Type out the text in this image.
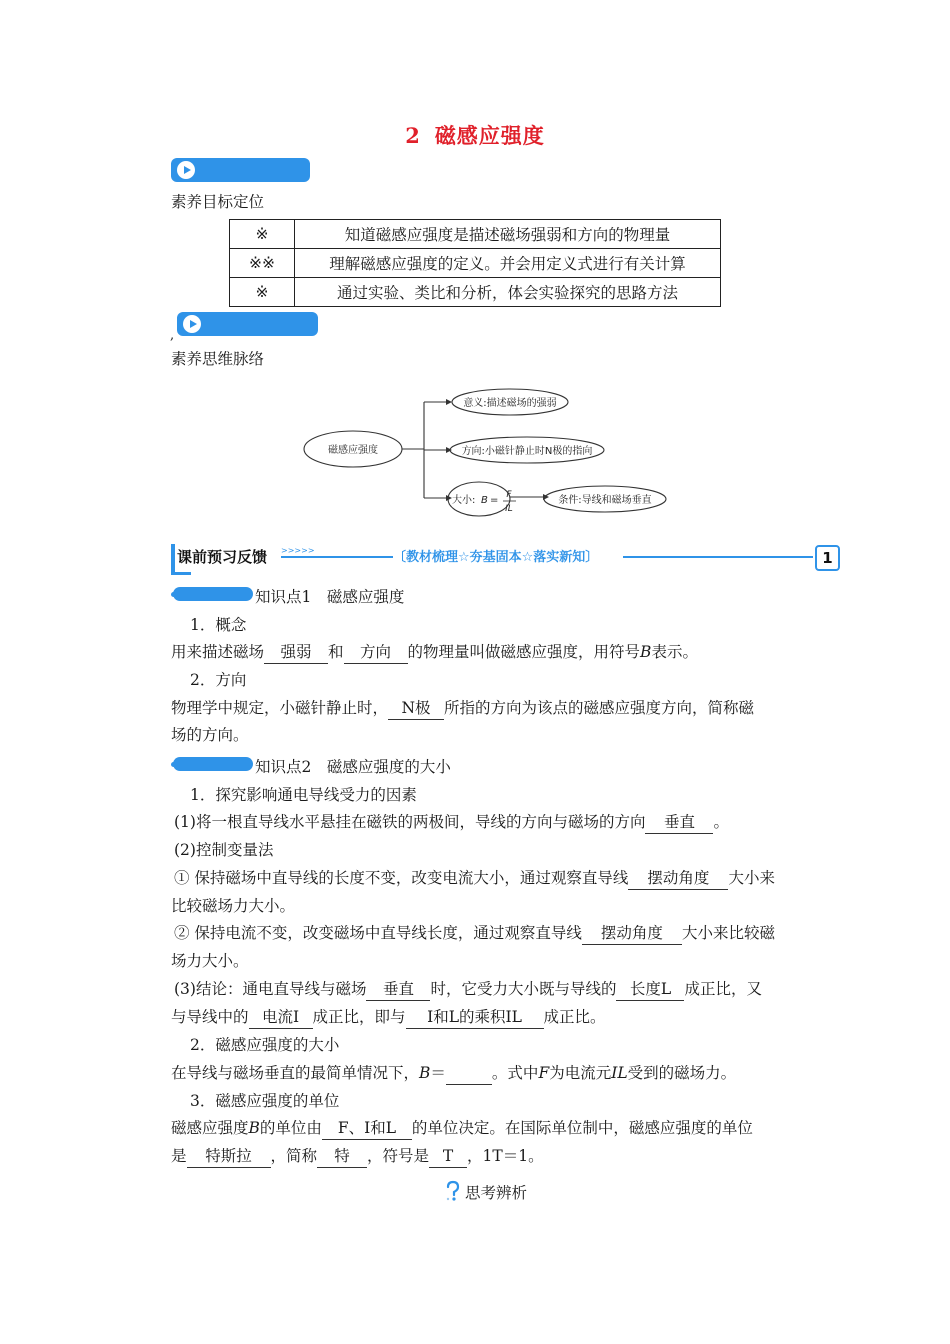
2 磁感应强度
素养目标定位
※	知道磁感应强度是描述磁场强弱和方向的物理量
※※	理解磁感应强度的定义。并会用定义式进行有关计算
※	通过实验、类比和分析，体会实验探究的思路方法
,
素养思维脉络
磁感应强度
意义:描述磁场的强弱
方向:小磁针静止时N极的指向
大小: B = F
IL
条件:导线和磁场垂直
课前预习反馈 >>>>>	〔教材梳理☆夯基固本☆落实新知〕	1
知识点1　磁感应强度
1．概念
用来描述磁场 强弱 和 方向 的物理量叫做磁感应强度，用符号B表示。
2．方向
物理学中规定，小磁针静止时， N极 所指的方向为该点的磁感应强度方向，简称磁
场的方向。
知识点2　磁感应强度的大小
1．探究影响通电导线受力的因素
(1)将一根直导线水平悬挂在磁铁的两极间，导线的方向与磁场的方向 垂直 。
(2)控制变量法
① 保持磁场中直导线的长度不变，改变电流大小，通过观察直导线 摆动角度 大小来
比较磁场力大小。
② 保持电流不变，改变磁场中直导线长度，通过观察直导线 摆动角度 大小来比较磁
场力大小。
(3)结论：通电直导线与磁场 垂直 时，它受力大小既与导线的 长度L 成正比，又
与导线中的 电流I 成正比，即与 I和L的乘积IL 成正比。
2．磁感应强度的大小
在导线与磁场垂直的最简单情况下，B＝	。式中F为电流元IL受到的磁场力。
3．磁感应强度的单位
磁感应强度B的单位由 F、I和L 的单位决定。在国际单位制中，磁感应强度的单位
是 特斯拉 ，简称 特 ，符号是 T ，1T＝1。
思考辨析
